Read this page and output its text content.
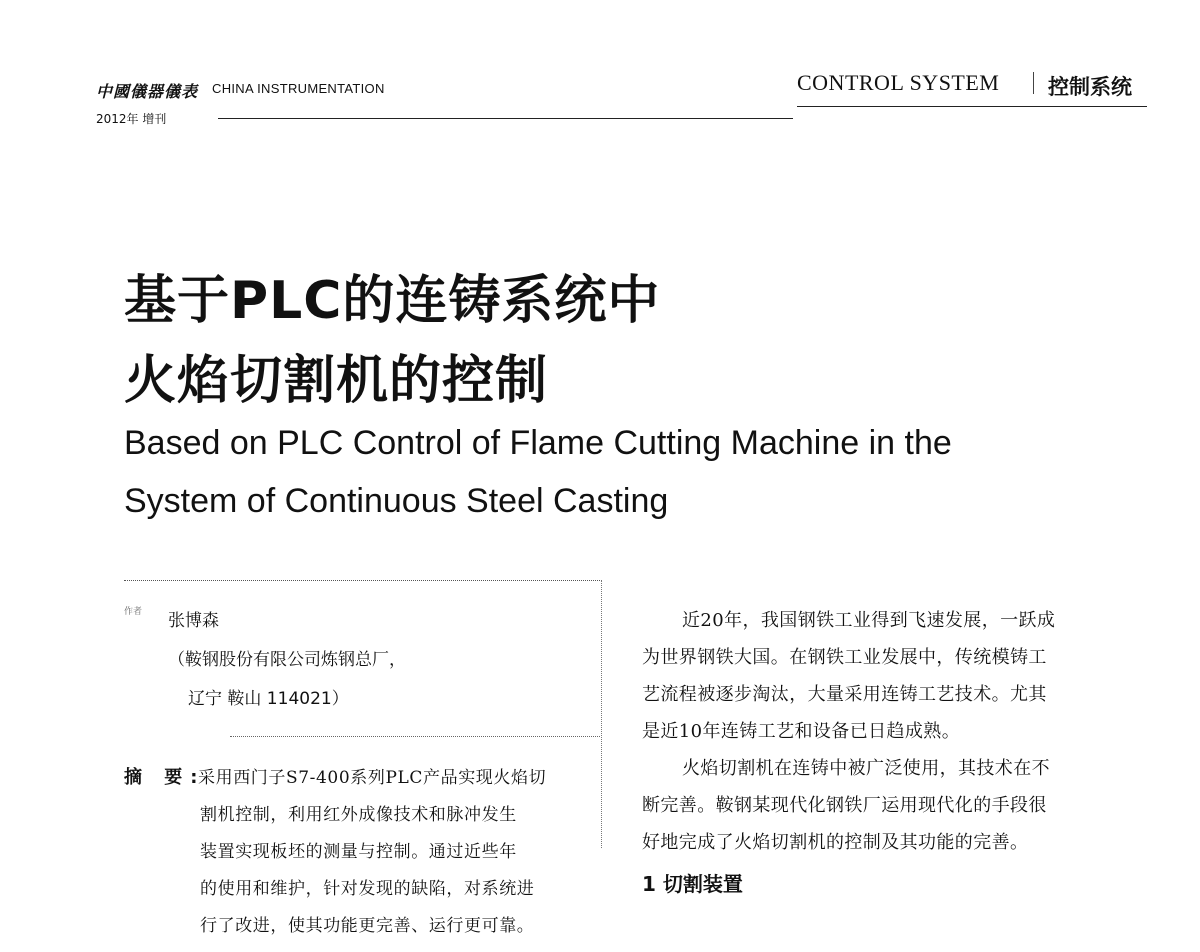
中國儀器儀表 CHINA INSTRUMENTATION
2012年 增刊
CONTROL SYSTEM 控制系统
基于PLC的连铸系统中
火焰切割机的控制
Based on PLC Control of Flame Cutting Machine in the
System of Continuous Steel Casting
作者 张博森
（鞍钢股份有限公司炼钢总厂，
辽宁 鞍山 114021）
摘 要:
采用西门子S7-400系列PLC产品实现火焰切
割机控制，利用红外成像技术和脉冲发生
装置实现板坯的测量与控制。通过近些年
的使用和维护，针对发现的缺陷，对系统进
行了改进，使其功能更完善、运行更可靠。
近20年，我国钢铁工业得到飞速发展，一跃成
为世界钢铁大国。在钢铁工业发展中，传统模铸工
艺流程被逐步淘汰，大量采用连铸工艺技术。尤其
是近10年连铸工艺和设备已日趋成熟。
火焰切割机在连铸中被广泛使用，其技术在不
断完善。鞍钢某现代化钢铁厂运用现代化的手段很
好地完成了火焰切割机的控制及其功能的完善。
1 切割装置
